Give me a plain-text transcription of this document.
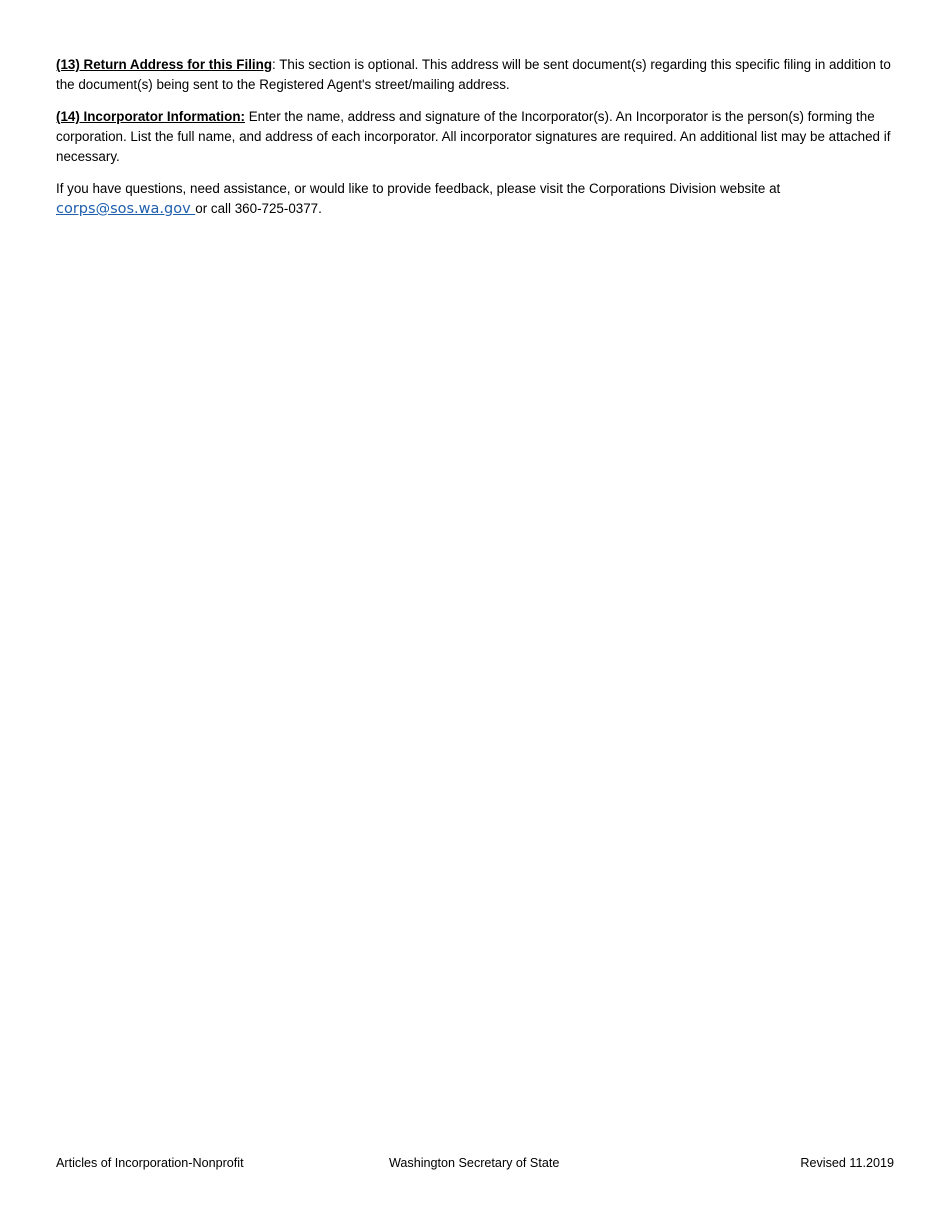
(13) Return Address for this Filing: This section is optional. This address will be sent document(s) regarding this specific filing in addition to the document(s) being sent to the Registered Agent's street/mailing address.

(14) Incorporator Information: Enter the name, address and signature of the Incorporator(s). An Incorporator is the person(s) forming the corporation. List the full name, and address of each incorporator. All incorporator signatures are required. An additional list may be attached if necessary.

If you have questions, need assistance, or would like to provide feedback, please visit the Corporations Division website at corps@sos.wa.gov or call 360-725-0377.

Articles of Incorporation-Nonprofit	Washington Secretary of State	Revised 11.2019
